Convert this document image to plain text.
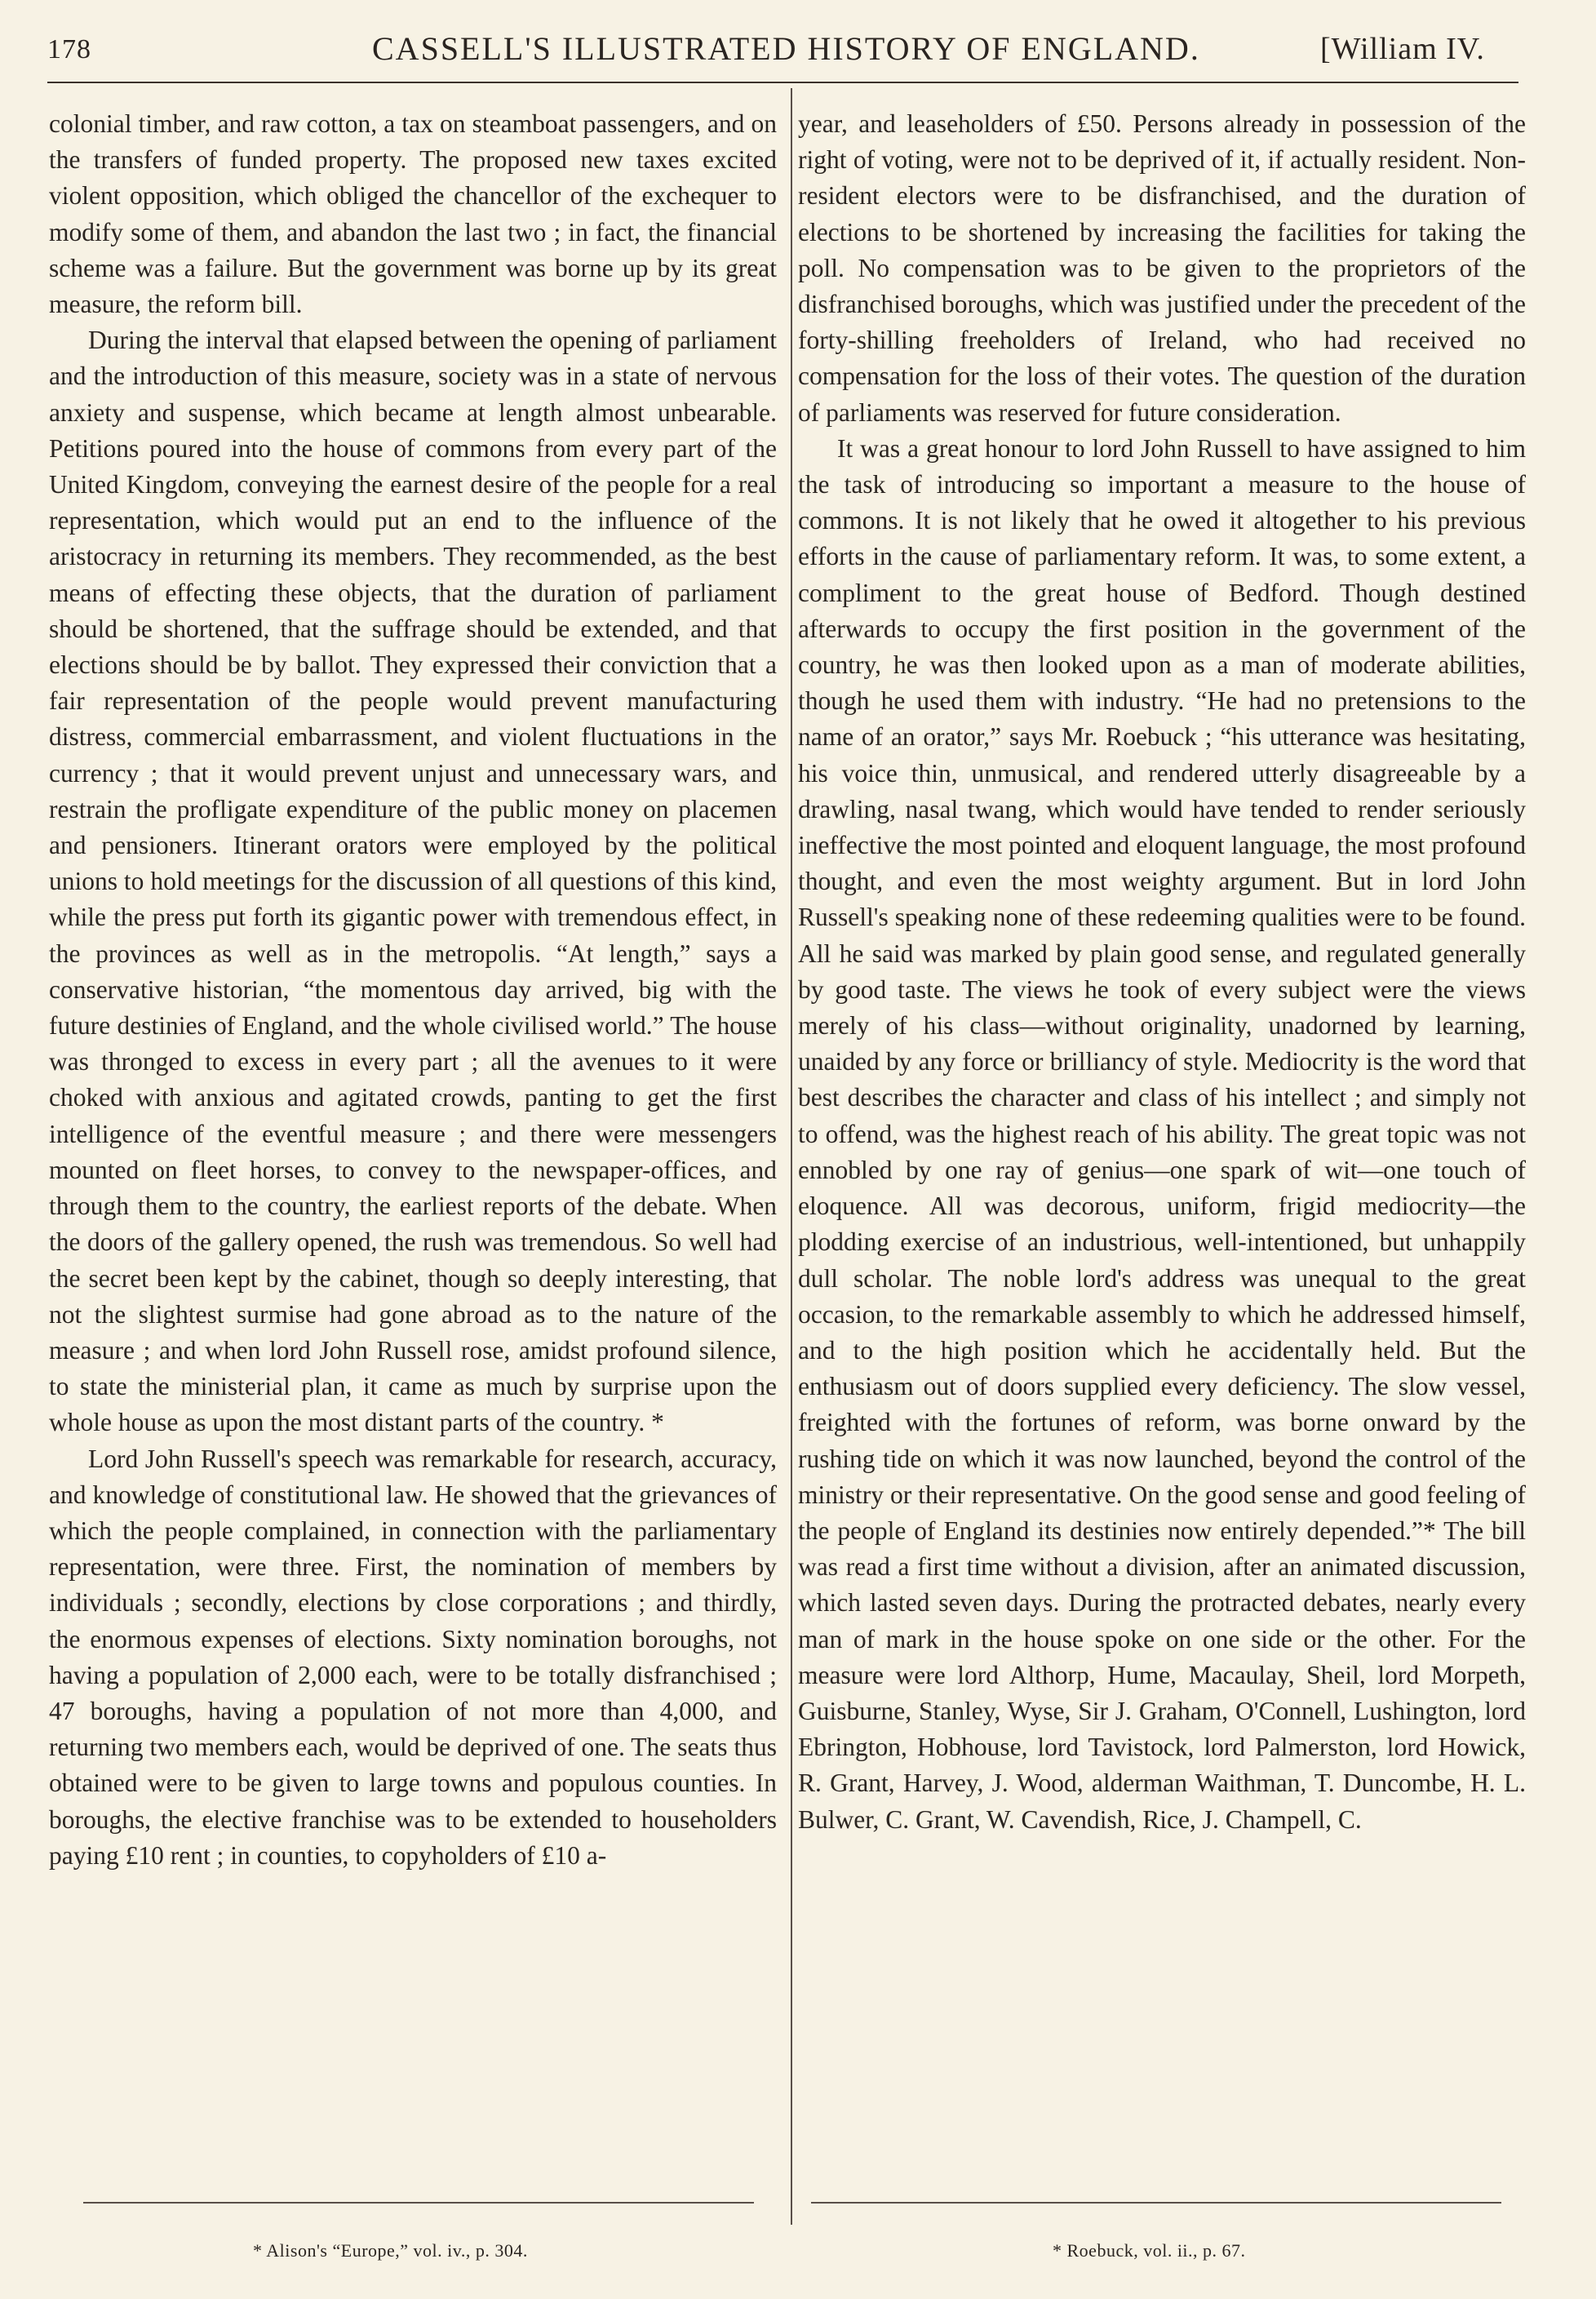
178	CASSELL'S ILLUSTRATED HISTORY OF ENGLAND.	[William IV.

colonial timber, and raw cotton, a tax on steamboat passengers, and on the transfers of funded property. The proposed new taxes excited violent opposition, which obliged the chancellor of the exchequer to modify some of them, and abandon the last two ; in fact, the financial scheme was a failure. But the government was borne up by its great measure, the reform bill.

During the interval that elapsed between the opening of parliament and the introduction of this measure, society was in a state of nervous anxiety and suspense, which became at length almost unbearable. Petitions poured into the house of commons from every part of the United Kingdom, conveying the earnest desire of the people for a real representation, which would put an end to the influence of the aristocracy in returning its members. They recommended, as the best means of effecting these objects, that the duration of parliament should be shortened, that the suffrage should be extended, and that elections should be by ballot. They expressed their conviction that a fair representation of the people would prevent manufacturing distress, commercial embarrassment, and violent fluctuations in the currency ; that it would prevent unjust and unnecessary wars, and restrain the profligate expenditure of the public money on placemen and pensioners. Itinerant orators were employed by the political unions to hold meetings for the discussion of all questions of this kind, while the press put forth its gigantic power with tremendous effect, in the provinces as well as in the metropolis. “At length,” says a conservative historian, “the momentous day arrived, big with the future destinies of England, and the whole civilised world.” The house was thronged to excess in every part ; all the avenues to it were choked with anxious and agitated crowds, panting to get the first intelligence of the eventful measure ; and there were messengers mounted on fleet horses, to convey to the newspaper-offices, and through them to the country, the earliest reports of the debate. When the doors of the gallery opened, the rush was tremendous. So well had the secret been kept by the cabinet, though so deeply interesting, that not the slightest surmise had gone abroad as to the nature of the measure ; and when lord John Russell rose, amidst profound silence, to state the ministerial plan, it came as much by surprise upon the whole house as upon the most distant parts of the country. *

Lord John Russell's speech was remarkable for research, accuracy, and knowledge of constitutional law. He showed that the grievances of which the people complained, in connection with the parliamentary representation, were three. First, the nomination of members by individuals ; secondly, elections by close corporations ; and thirdly, the enormous expenses of elections. Sixty nomination boroughs, not having a population of 2,000 each, were to be totally disfranchised ; 47 boroughs, having a population of not more than 4,000, and returning two members each, would be deprived of one. The seats thus obtained were to be given to large towns and populous counties. In boroughs, the elective franchise was to be extended to householders paying £10 rent ; in counties, to copyholders of £10 a-

year, and leaseholders of £50. Persons already in possession of the right of voting, were not to be deprived of it, if actually resident. Non-resident electors were to be disfranchised, and the duration of elections to be shortened by increasing the facilities for taking the poll. No compensation was to be given to the proprietors of the disfranchised boroughs, which was justified under the precedent of the forty-shilling freeholders of Ireland, who had received no compensation for the loss of their votes. The question of the duration of parliaments was reserved for future consideration.

It was a great honour to lord John Russell to have assigned to him the task of introducing so important a measure to the house of commons. It is not likely that he owed it altogether to his previous efforts in the cause of parliamentary reform. It was, to some extent, a compliment to the great house of Bedford. Though destined afterwards to occupy the first position in the government of the country, he was then looked upon as a man of moderate abilities, though he used them with industry. “He had no pretensions to the name of an orator,” says Mr. Roebuck ; “his utterance was hesitating, his voice thin, unmusical, and rendered utterly disagreeable by a drawling, nasal twang, which would have tended to render seriously ineffective the most pointed and eloquent language, the most profound thought, and even the most weighty argument. But in lord John Russell's speaking none of these redeeming qualities were to be found. All he said was marked by plain good sense, and regulated generally by good taste. The views he took of every subject were the views merely of his class—without originality, unadorned by learning, unaided by any force or brilliancy of style. Mediocrity is the word that best describes the character and class of his intellect ; and simply not to offend, was the highest reach of his ability. The great topic was not ennobled by one ray of genius—one spark of wit—one touch of eloquence. All was decorous, uniform, frigid mediocrity—the plodding exercise of an industrious, well-intentioned, but unhappily dull scholar. The noble lord's address was unequal to the great occasion, to the remarkable assembly to which he addressed himself, and to the high position which he accidentally held. But the enthusiasm out of doors supplied every deficiency. The slow vessel, freighted with the fortunes of reform, was borne onward by the rushing tide on which it was now launched, beyond the control of the ministry or their representative. On the good sense and good feeling of the people of England its destinies now entirely depended.”* The bill was read a first time without a division, after an animated discussion, which lasted seven days. During the protracted debates, nearly every man of mark in the house spoke on one side or the other. For the measure were lord Althorp, Hume, Macaulay, Sheil, lord Morpeth, Guisburne, Stanley, Wyse, Sir J. Graham, O'Connell, Lushington, lord Ebrington, Hobhouse, lord Tavistock, lord Palmerston, lord Howick, R. Grant, Harvey, J. Wood, alderman Waithman, T. Duncombe, H. L. Bulwer, C. Grant, W. Cavendish, Rice, J. Champell, C.

* Alison's “Europe,” vol. iv., p. 304.	* Roebuck, vol. ii., p. 67.
